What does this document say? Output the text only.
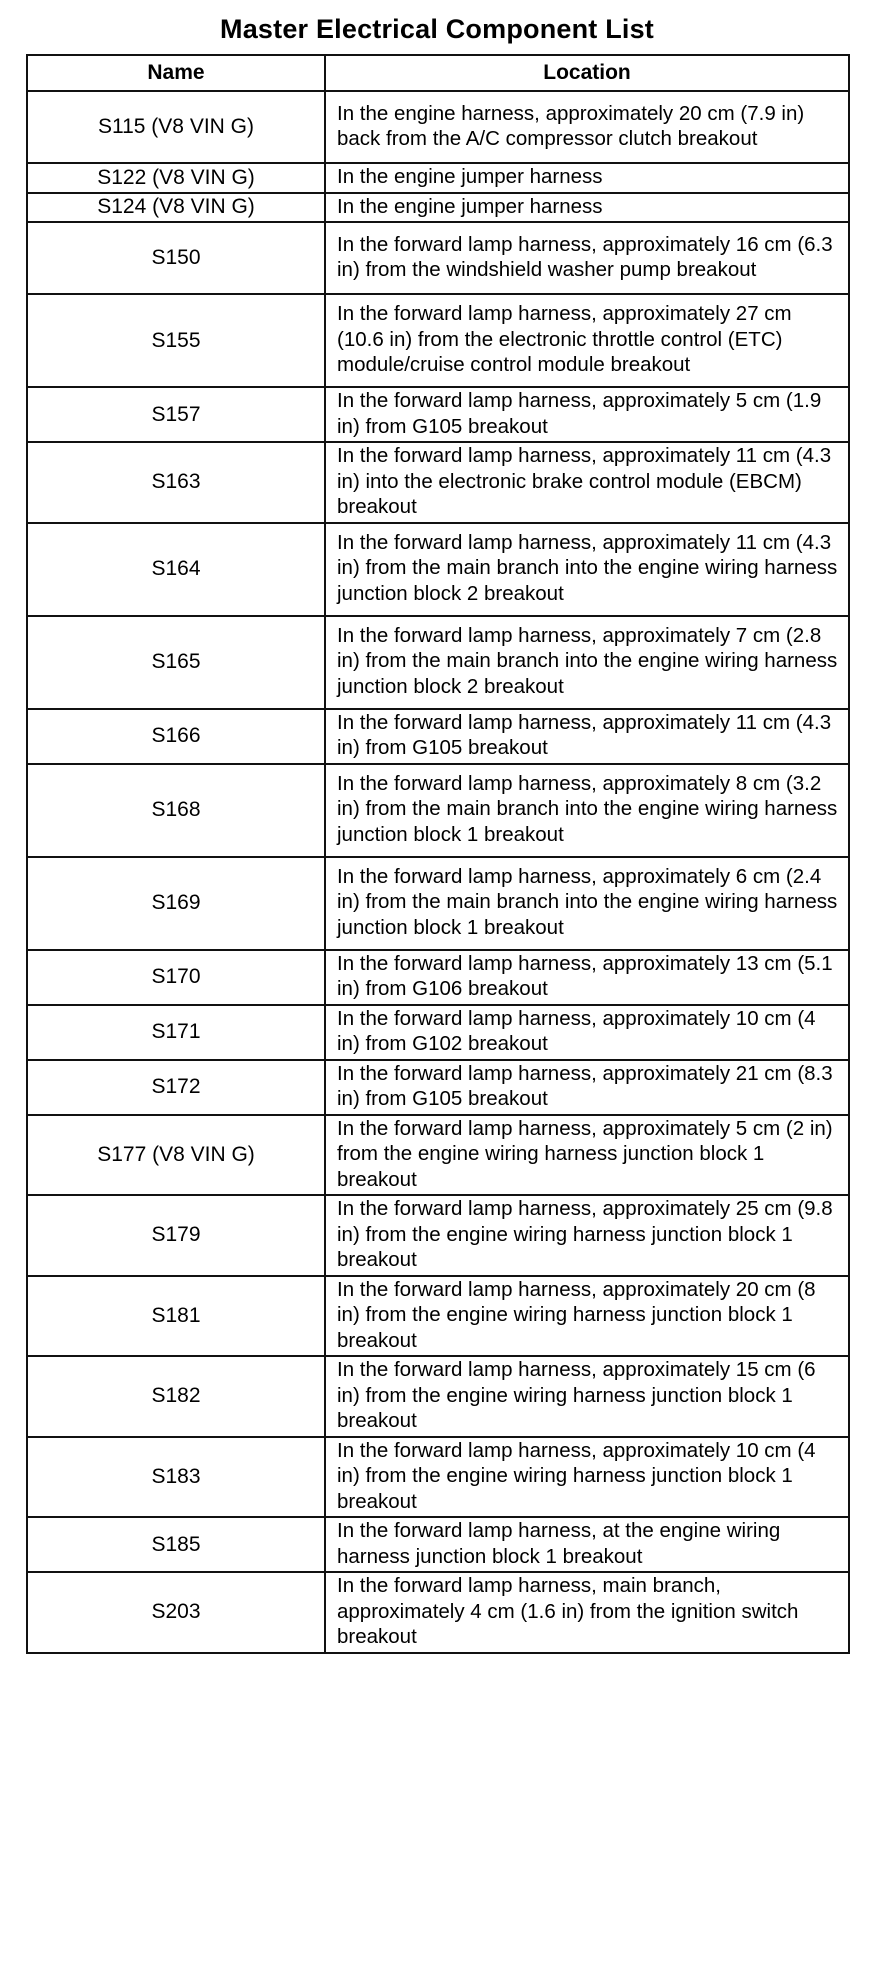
Master Electrical Component List
Name	Location
S115 (V8 VIN G)	In the engine harness, approximately 20 cm (7.9 in) back from the A/C compressor clutch breakout
S122 (V8 VIN G)	In the engine jumper harness
S124 (V8 VIN G)	In the engine jumper harness
S150	In the forward lamp harness, approximately 16 cm (6.3 in) from the windshield washer pump breakout
S155	In the forward lamp harness, approximately 27 cm (10.6 in) from the electronic throttle control (ETC) module/cruise control module breakout
S157	In the forward lamp harness, approximately 5 cm (1.9 in) from G105 breakout
S163	In the forward lamp harness, approximately 11 cm (4.3 in) into the electronic brake control module (EBCM) breakout
S164	In the forward lamp harness, approximately 11 cm (4.3 in) from the main branch into the engine wiring harness junction block 2 breakout
S165	In the forward lamp harness, approximately 7 cm (2.8 in) from the main branch into the engine wiring harness junction block 2 breakout
S166	In the forward lamp harness, approximately 11 cm (4.3 in) from G105 breakout
S168	In the forward lamp harness, approximately 8 cm (3.2 in) from the main branch into the engine wiring harness junction block 1 breakout
S169	In the forward lamp harness, approximately 6 cm (2.4 in) from the main branch into the engine wiring harness junction block 1 breakout
S170	In the forward lamp harness, approximately 13 cm (5.1 in) from G106 breakout
S171	In the forward lamp harness, approximately 10 cm (4 in) from G102 breakout
S172	In the forward lamp harness, approximately 21 cm (8.3 in) from G105 breakout
S177 (V8 VIN G)	In the forward lamp harness, approximately 5 cm (2 in) from the engine wiring harness junction block 1 breakout
S179	In the forward lamp harness, approximately 25 cm (9.8 in) from the engine wiring harness junction block 1 breakout
S181	In the forward lamp harness, approximately 20 cm (8 in) from the engine wiring harness junction block 1 breakout
S182	In the forward lamp harness, approximately 15 cm (6 in) from the engine wiring harness junction block 1 breakout
S183	In the forward lamp harness, approximately 10 cm (4 in) from the engine wiring harness junction block 1 breakout
S185	In the forward lamp harness, at the engine wiring harness junction block 1 breakout
S203	In the forward lamp harness, main branch, approximately 4 cm (1.6 in) from the ignition switch breakout
